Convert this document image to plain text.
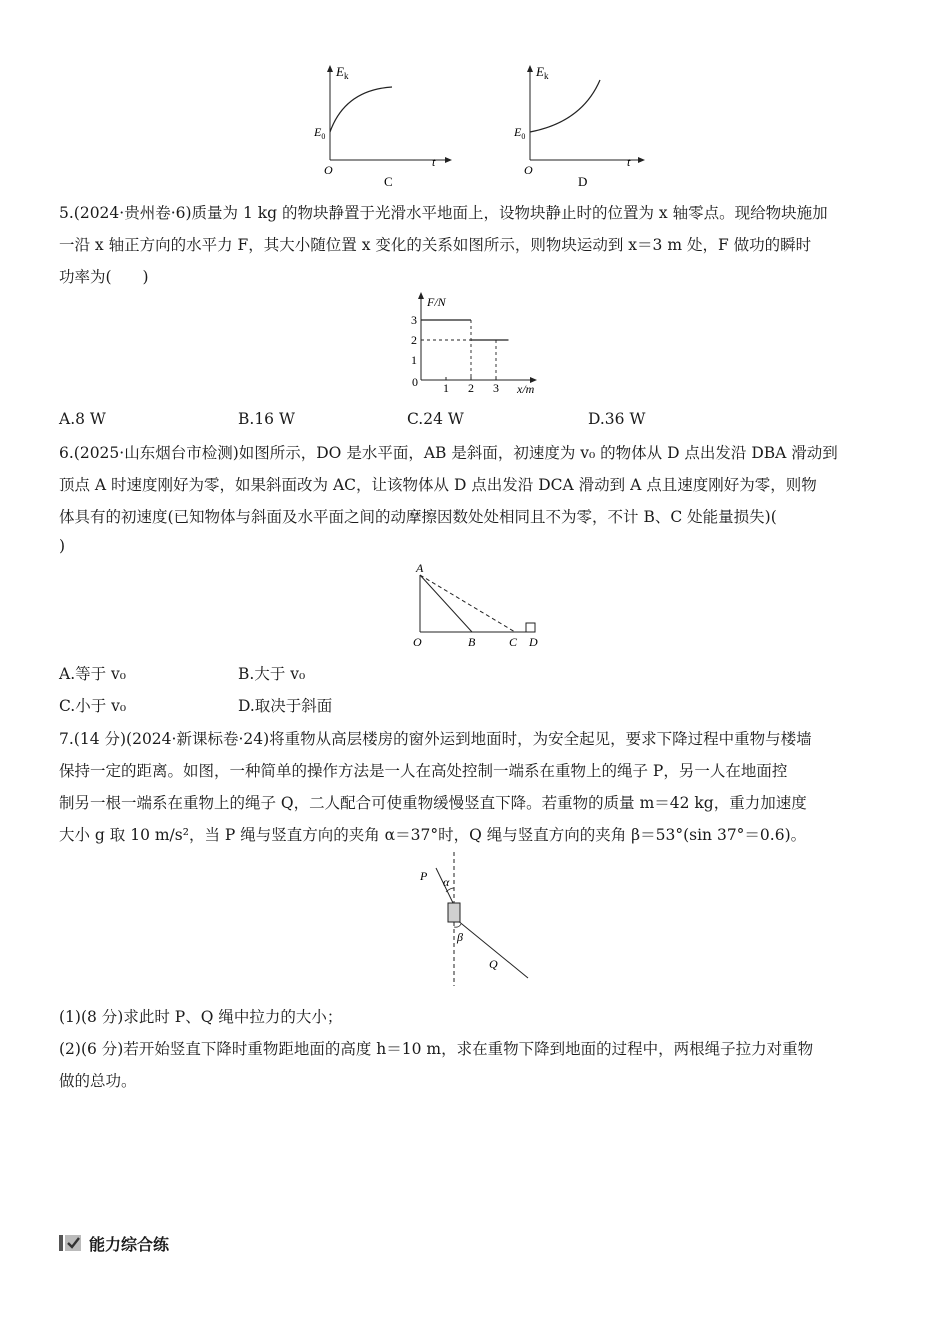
$E_k$
$E_0$
O
t
C
$E_k$
$E_0$
O
t
D
5.(2024·贵州卷·6)质量为 1 kg 的物块静置于光滑水平地面上，设物块静止时的位置为 x 轴零点。现给物块施加
一沿 x 轴正方向的水平力 F，其大小随位置 x 变化的关系如图所示，则物块运动到 x＝3 m 处，F 做功的瞬时
功率为(　　)
F/N
x/m
0
3
2
1
1 2 3
A.8 W	B.16 W	C.24 W	D.36 W
6.(2025·山东烟台市检测)如图所示，DO 是水平面，AB 是斜面，初速度为 v₀ 的物体从 D 点出发沿 DBA 滑动到
顶点 A 时速度刚好为零，如果斜面改为 AC，让该物体从 D 点出发沿 DCA 滑动到 A 点且速度刚好为零，则物
体具有的初速度(已知物体与斜面及水平面之间的动摩擦因数处处相同且不为零，不计 B、C 处能量损失)(
)
A
O	B	C D
A.等于 v₀	B.大于 v₀
C.小于 v₀	D.取决于斜面
7.(14 分)(2024·新课标卷·24)将重物从高层楼房的窗外运到地面时，为安全起见，要求下降过程中重物与楼墙
保持一定的距离。如图，一种简单的操作方法是一人在高处控制一端系在重物上的绳子 P，另一人在地面控
制另一根一端系在重物上的绳子 Q，二人配合可使重物缓慢竖直下降。若重物的质量 m＝42 kg，重力加速度
大小 g 取 10 m/s²，当 P 绳与竖直方向的夹角 α＝37°时，Q 绳与竖直方向的夹角 β＝53°(sin 37°＝0.6)。
P α
β
Q
(1)(8 分)求此时 P、Q 绳中拉力的大小；
(2)(6 分)若开始竖直下降时重物距地面的高度 h＝10 m，求在重物下降到地面的过程中，两根绳子拉力对重物
做的总功。
能力综合练
